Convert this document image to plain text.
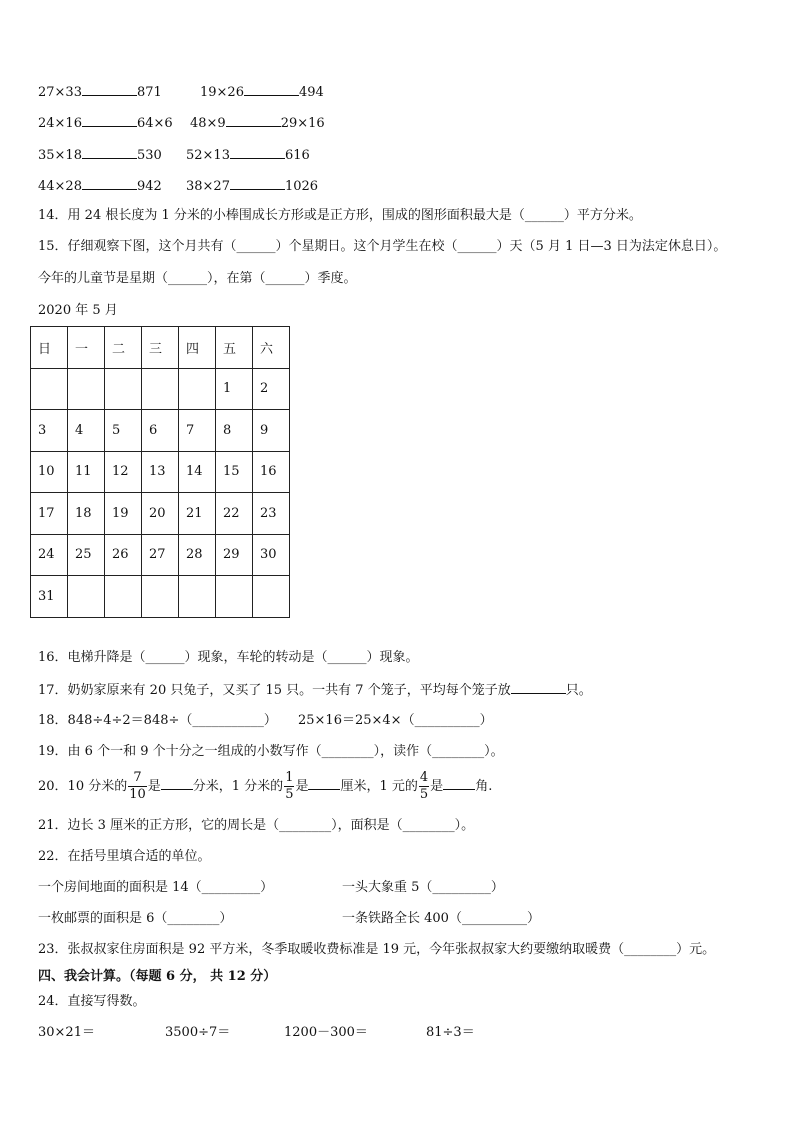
27×33	871	19×26	494
24×16	64×6 48×9	29×16
35×18	530 52×13	616
44×28	942 38×27	1026
14．用 24 根长度为 1 分米的小棒围成长方形或是正方形，围成的图形面积最大是（______）平方分米。
15．仔细观察下图，这个月共有（______）个星期日。这个月学生在校（______）天（5 月 1 日—3 日为法定休息日）。
今年的儿童节是星期（______），在第（______）季度。
2020 年 5 月
日	一	二	三	四	五	六
					1	2
3	4	5	6	7	8	9
10	11	12	13	14	15	16
17	18	19	20	21	22	23
24	25	26	27	28	29	30
31						
16．电梯升降是（______）现象，车轮的转动是（______）现象。
17．奶奶家原来有 20 只兔子，又买了 15 只。一共有 7 个笼子，平均每个笼子放	只。
18．848÷4÷2＝848÷（___________） 25×16＝25×4×（__________）
19．由 6 个一和 9 个十分之一组成的小数写作（________），读作（________）。
20．10 分米的 $\frac{7}{10}$ 是 分米，1 分米的 $\frac{1}{5}$ 是 厘米，1 元的 $\frac{4}{5}$ 是 角.
21．边长 3 厘米的正方形，它的周长是（________），面积是（________）。
22．在括号里填合适的单位。
一个房间地面的面积是 14（_________）	一头大象重 5（_________）
一枚邮票的面积是 6（________）	一条铁路全长 400（__________）
23．张叔叔家住房面积是 92 平方米，冬季取暖收费标准是 19 元，今年张叔叔家大约要缴纳取暖费（________）元。
四、我会计算。（每题 6 分， 共 12 分）
24．直接写得数。
30×21＝	3500÷7＝	1200－300＝	81÷3＝
